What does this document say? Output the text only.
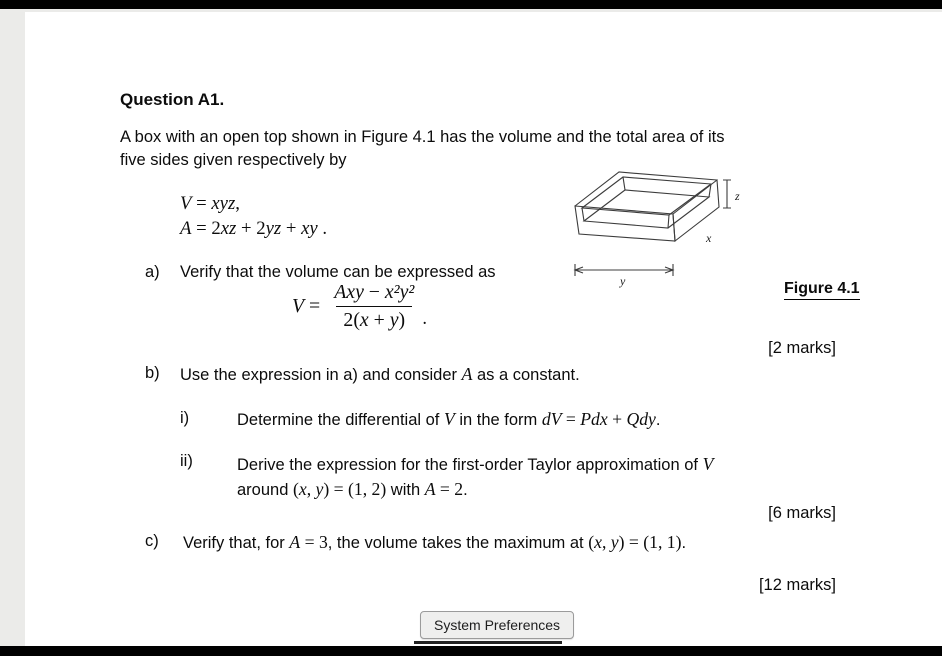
Question A1.
A box with an open top shown in Figure 4.1 has the volume and the total area of its
five sides given respectively by
V = xyz,
A = 2xz + 2yz + xy .
z
x
y	Figure 4.1
a)	Verify that the volume can be expressed as
$V = \frac{\text{Axy − x²y²}}{2(x + y)}$ .
[2 marks]
b)	Use the expression in a) and consider A as a constant.
i)	Determine the differential of V in the form dV = Pdx + Qdy.
ii)	Derive the expression for the first-order Taylor approximation of V
around (x, y) = (1, 2) with A = 2.
[6 marks]
c)	Verify that, for A = 3, the volume takes the maximum at (x, y) = (1, 1).
[12 marks]
System Preferences
